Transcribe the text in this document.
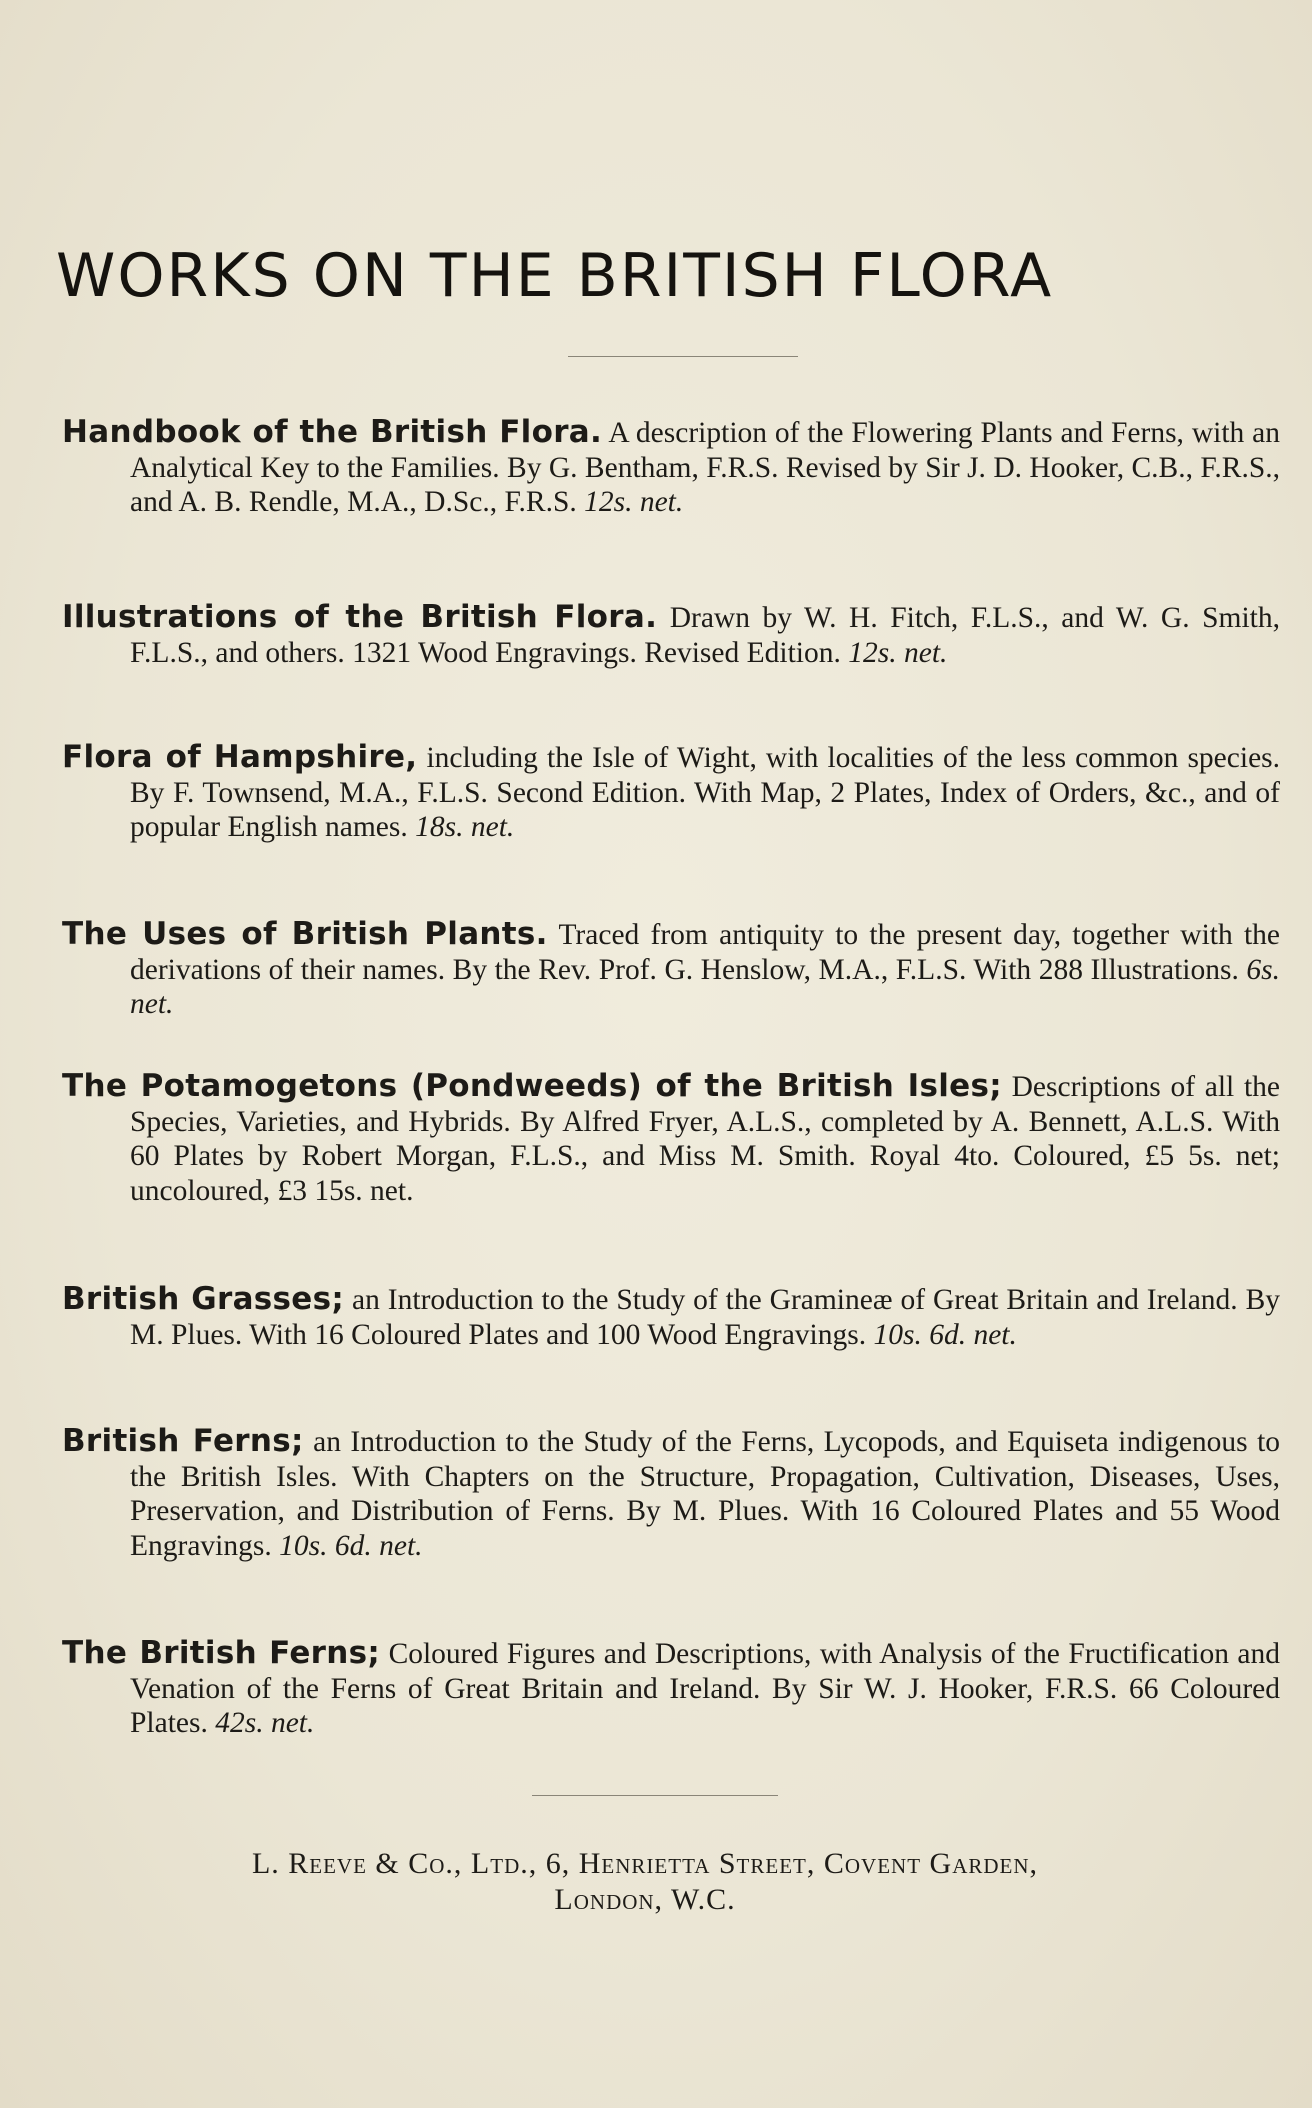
WORKS ON THE BRITISH FLORA
Handbook of the British Flora. A description of the Flowering Plants and Ferns, with an Analytical Key to the Families. By G. Bentham, F.R.S. Revised by Sir J. D. Hooker, C.B., F.R.S., and A. B. Rendle, M.A., D.Sc., F.R.S. 12s. net.
Illustrations of the British Flora. Drawn by W. H. Fitch, F.L.S., and W. G. Smith, F.L.S., and others. 1321 Wood Engravings. Revised Edition. 12s. net.
Flora of Hampshire, including the Isle of Wight, with localities of the less common species. By F. Townsend, M.A., F.L.S. Second Edition. With Map, 2 Plates, Index of Orders, &c., and of popular English names. 18s. net.
The Uses of British Plants. Traced from antiquity to the present day, together with the derivations of their names. By the Rev. Prof. G. Henslow, M.A., F.L.S. With 288 Illustrations. 6s. net.
The Potamogetons (Pondweeds) of the British Isles; Descriptions of all the Species, Varieties, and Hybrids. By Alfred Fryer, A.L.S., completed by A. Bennett, A.L.S. With 60 Plates by Robert Morgan, F.L.S., and Miss M. Smith. Royal 4to. Coloured, £5 5s. net; uncoloured, £3 15s. net.
British Grasses; an Introduction to the Study of the Gramineæ of Great Britain and Ireland. By M. Plues. With 16 Coloured Plates and 100 Wood Engravings. 10s. 6d. net.
British Ferns; an Introduction to the Study of the Ferns, Lycopods, and Equiseta indigenous to the British Isles. With Chapters on the Structure, Propagation, Cultivation, Diseases, Uses, Preservation, and Distribution of Ferns. By M. Plues. With 16 Coloured Plates and 55 Wood Engravings. 10s. 6d. net.
The British Ferns; Coloured Figures and Descriptions, with Analysis of the Fructification and Venation of the Ferns of Great Britain and Ireland. By Sir W. J. Hooker, F.R.S. 66 Coloured Plates. 42s. net.
L. Reeve & Co., Ltd., 6, Henrietta Street, Covent Garden,
London, W.C.
